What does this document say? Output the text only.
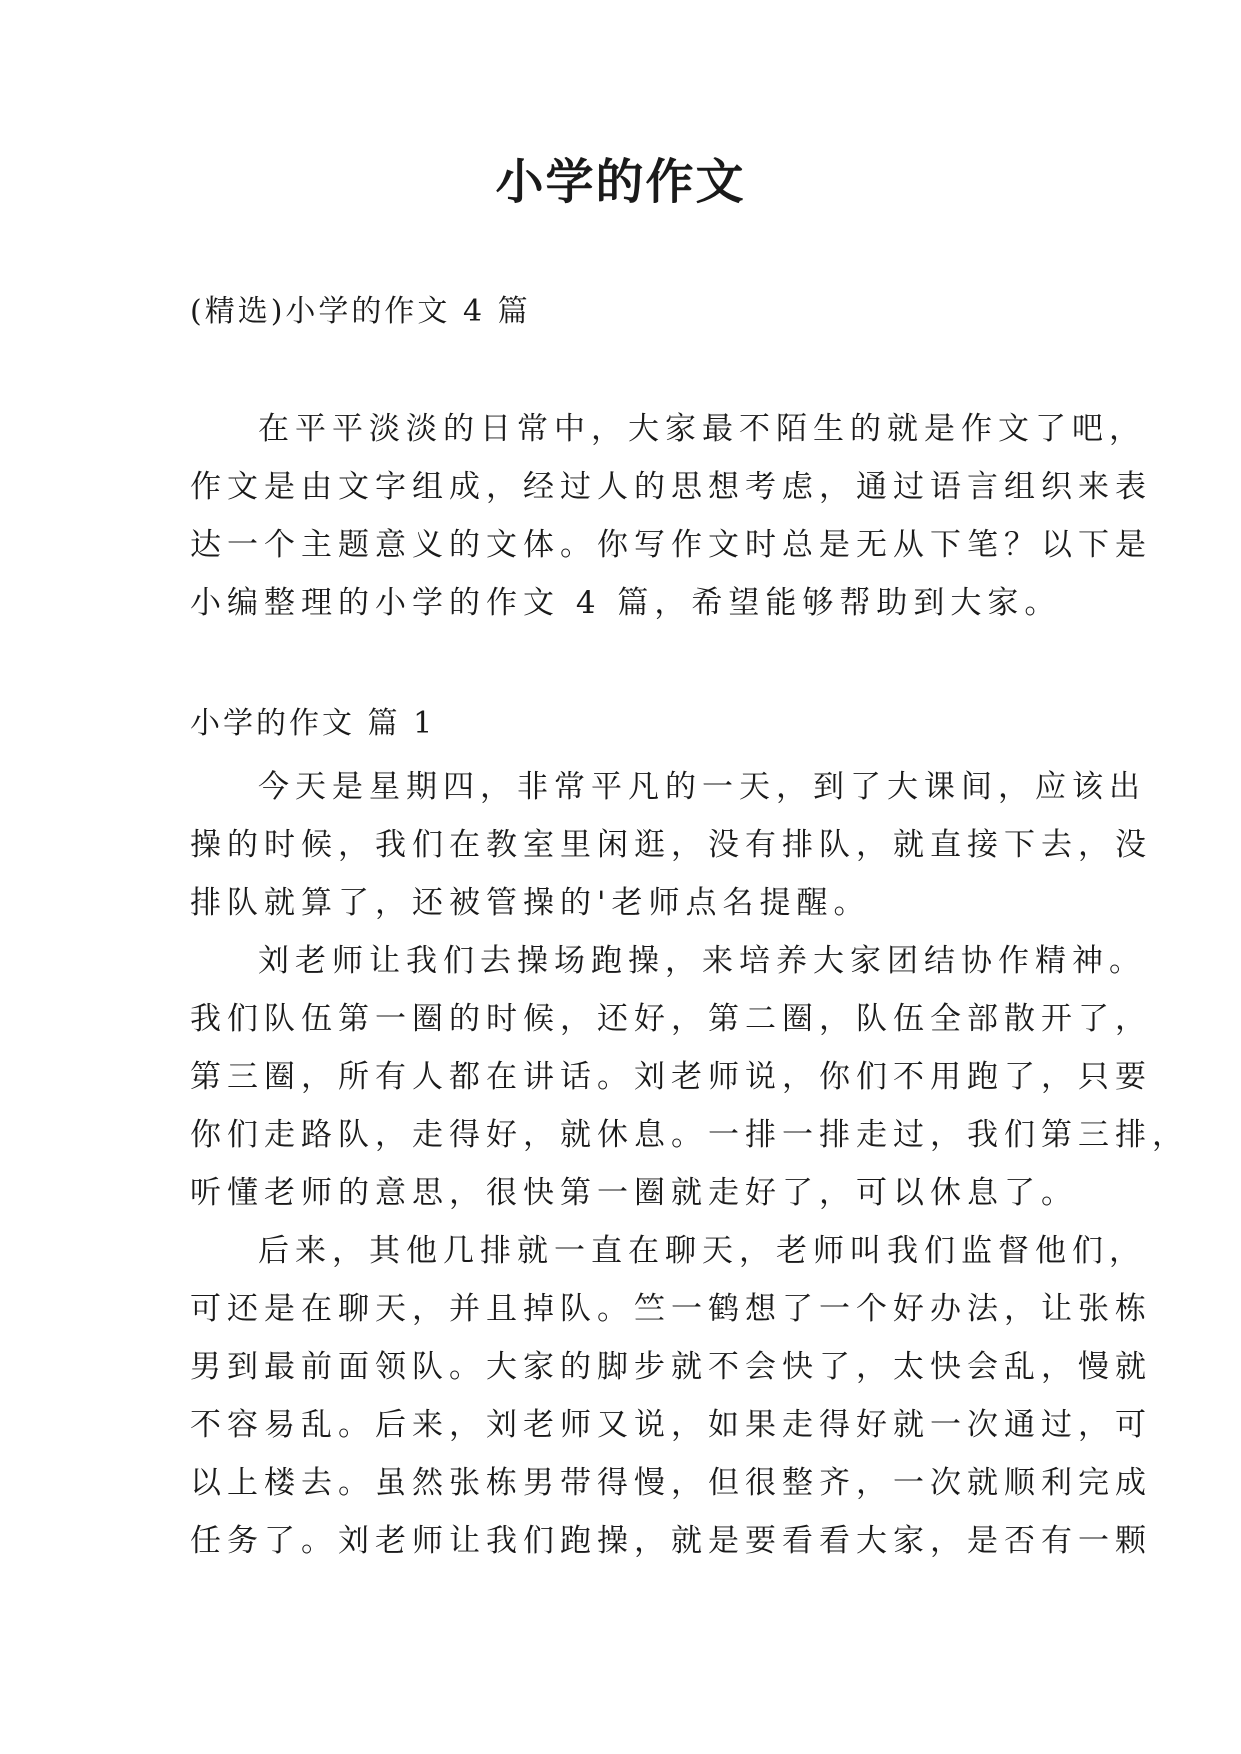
小学的作文

(精选)小学的作文 4 篇

在平平淡淡的日常中，大家最不陌生的就是作文了吧，
作文是由文字组成，经过人的思想考虑，通过语言组织来表
达一个主题意义的文体。你写作文时总是无从下笔？以下是
小编整理的小学的作文 4 篇，希望能够帮助到大家。

小学的作文 篇 1

今天是星期四，非常平凡的一天，到了大课间，应该出
操的时候，我们在教室里闲逛，没有排队，就直接下去，没
排队就算了，还被管操的'老师点名提醒。
刘老师让我们去操场跑操，来培养大家团结协作精神。
我们队伍第一圈的时候，还好，第二圈，队伍全部散开了，
第三圈，所有人都在讲话。刘老师说，你们不用跑了，只要
你们走路队，走得好，就休息。一排一排走过，我们第三排，
听懂老师的意思，很快第一圈就走好了，可以休息了。
后来，其他几排就一直在聊天，老师叫我们监督他们，
可还是在聊天，并且掉队。竺一鹤想了一个好办法，让张栋
男到最前面领队。大家的脚步就不会快了，太快会乱，慢就
不容易乱。后来，刘老师又说，如果走得好就一次通过，可
以上楼去。虽然张栋男带得慢，但很整齐，一次就顺利完成
任务了。刘老师让我们跑操，就是要看看大家，是否有一颗
